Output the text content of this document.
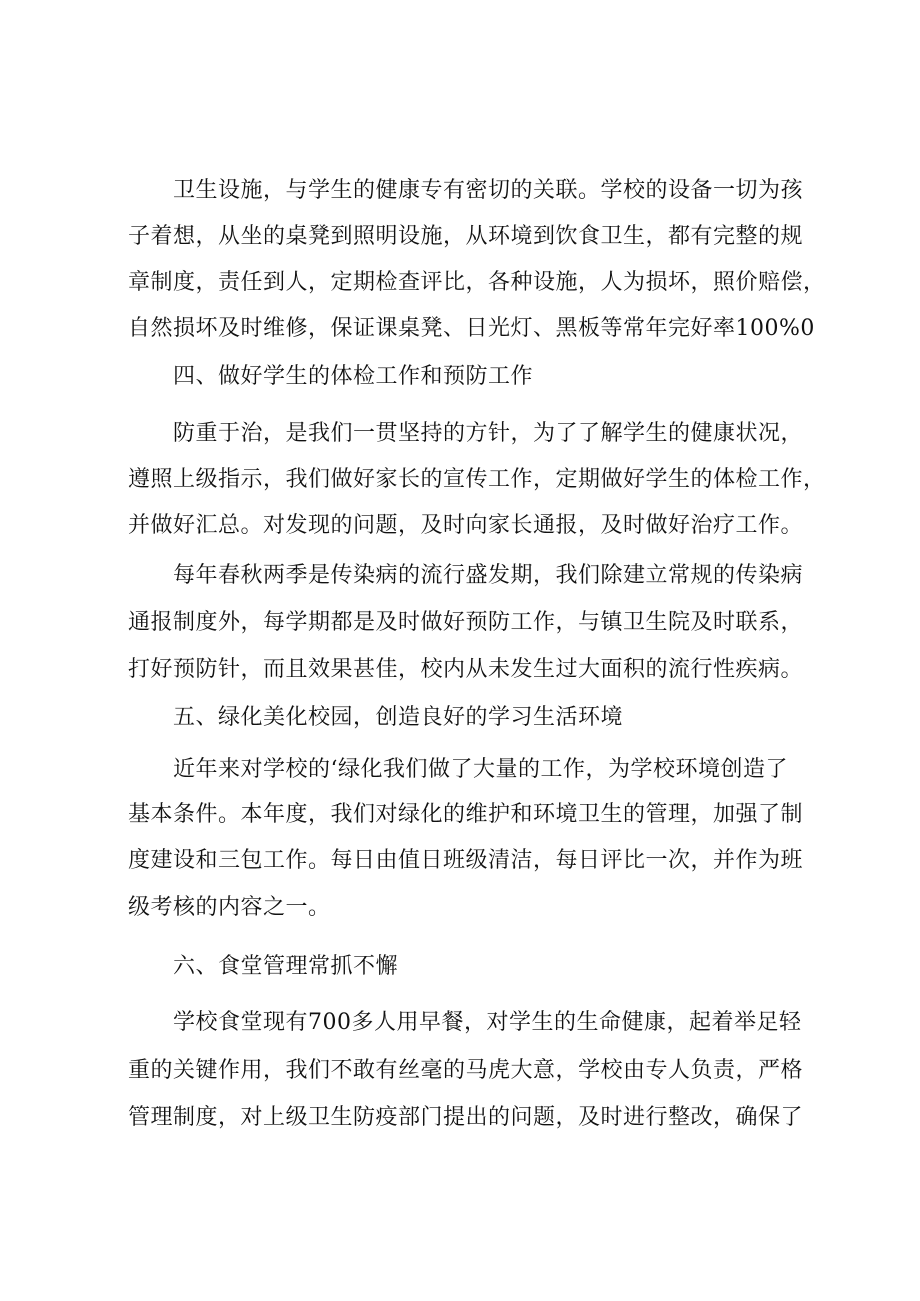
卫生设施，与学生的健康专有密切的关联。学校的设备一切为孩
子着想，从坐的桌凳到照明设施，从环境到饮食卫生，都有完整的规
章制度，责任到人，定期检查评比，各种设施，人为损坏，照价赔偿，
自然损坏及时维修，保证课桌凳、日光灯、黑板等常年完好率100%0
四、做好学生的体检工作和预防工作
防重于治，是我们一贯坚持的方针，为了了解学生的健康状况，
遵照上级指示，我们做好家长的宣传工作，定期做好学生的体检工作，
并做好汇总。对发现的问题，及时向家长通报，及时做好治疗工作。
每年春秋两季是传染病的流行盛发期，我们除建立常规的传染病
通报制度外，每学期都是及时做好预防工作，与镇卫生院及时联系，
打好预防针，而且效果甚佳，校内从未发生过大面积的流行性疾病。
五、绿化美化校园，创造良好的学习生活环境
近年来对学校的‘绿化我们做了大量的工作，为学校环境创造了
基本条件。本年度，我们对绿化的维护和环境卫生的管理，加强了制
度建设和三包工作。每日由值日班级清洁，每日评比一次，并作为班
级考核的内容之一。
六、食堂管理常抓不懈
学校食堂现有700多人用早餐，对学生的生命健康，起着举足轻
重的关键作用，我们不敢有丝毫的马虎大意，学校由专人负责，严格
管理制度，对上级卫生防疫部门提出的问题，及时进行整改，确保了
